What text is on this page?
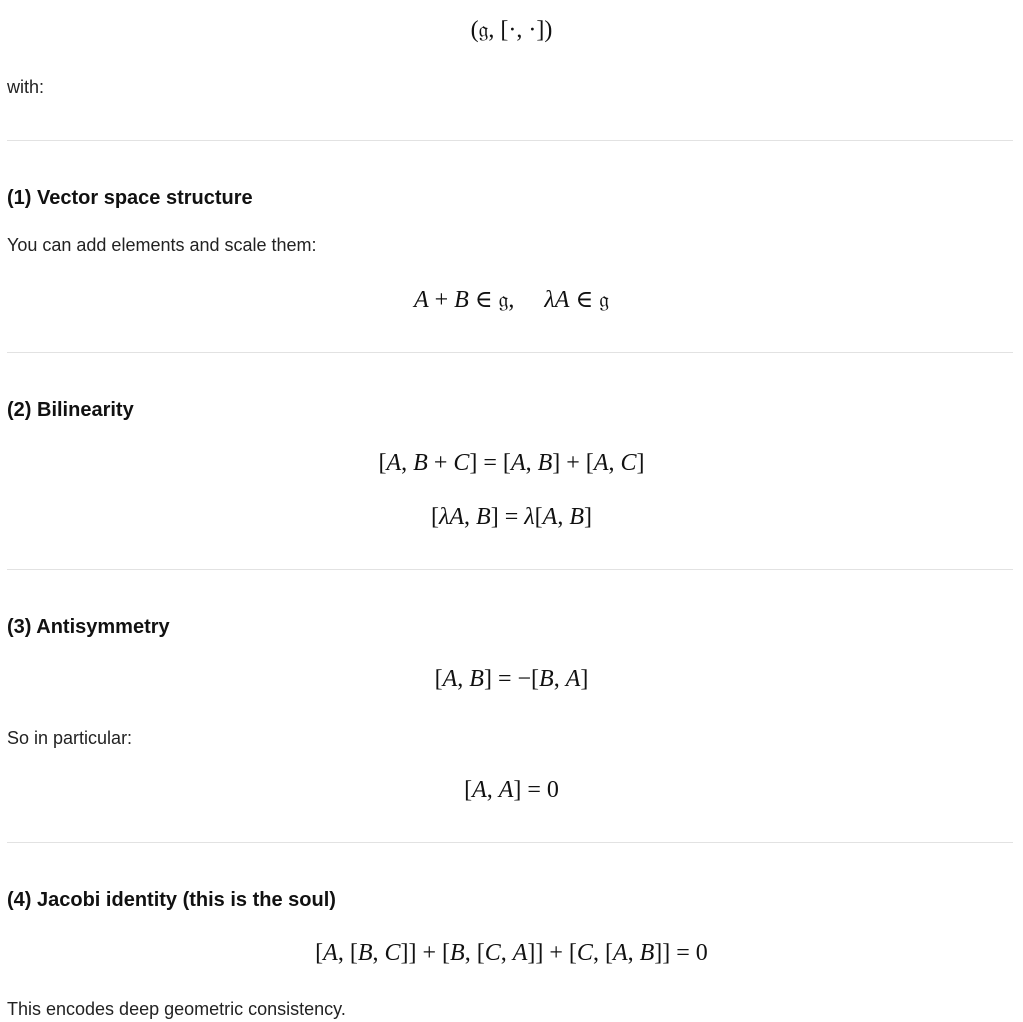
(𝔤, [·, ·])
with:
(1) Vector space structure
You can add elements and scale them:
A + B ∈ 𝔤,     λA ∈ 𝔤
(2) Bilinearity
[A, B + C] = [A, B] + [A, C]
[λA, B] = λ[A, B]
(3) Antisymmetry
[A, B] = −[B, A]
So in particular:
[A, A] = 0
(4) Jacobi identity (this is the soul)
[A, [B, C]] + [B, [C, A]] + [C, [A, B]] = 0
This encodes deep geometric consistency.
